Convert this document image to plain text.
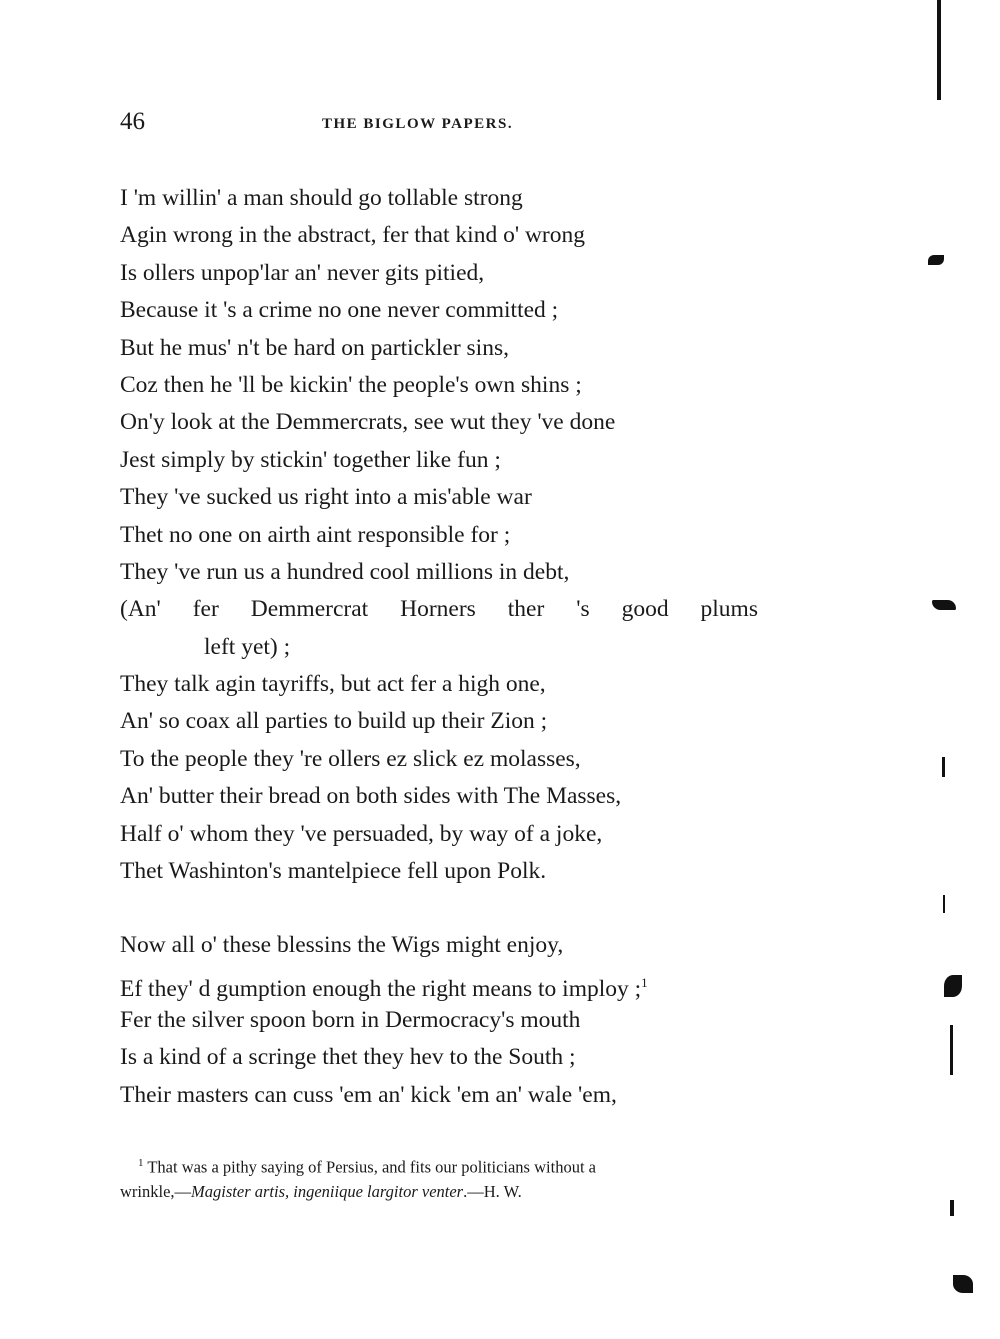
46	THE BIGLOW PAPERS.
I 'm willin' a man should go tollable strong
Agin wrong in the abstract, fer that kind o' wrong
Is ollers unpop'lar an' never gits pitied,
Because it 's a crime no one never committed ;
But he mus' n't be hard on partickler sins,
Coz then he 'll be kickin' the people's own shins ;
On'y look at the Demmercrats, see wut they 've done
Jest simply by stickin' together like fun ;
They 've sucked us right into a mis'able war
Thet no one on airth aint responsible for ;
They 've run us a hundred cool millions in debt,
(An' fer Demmercrat Horners ther 's good plums
left yet) ;
They talk agin tayriffs, but act fer a high one,
An' so coax all parties to build up their Zion ;
To the people they 're ollers ez slick ez molasses,
An' butter their bread on both sides with The Masses,
Half o' whom they 've persuaded, by way of a joke,
Thet Washinton's mantelpiece fell upon Polk.
Now all o' these blessins the Wigs might enjoy,
Ef they' d gumption enough the right means to imploy ;$^1$
Fer the silver spoon born in Dermocracy's mouth
Is a kind of a scringe thet they hev to the South ;
Their masters can cuss 'em an' kick 'em an' wale 'em,
$^1$ That was a pithy saying of Persius, and fits our politicians without a
wrinkle,—Magister artis, ingeniique largitor venter.—H. W.
